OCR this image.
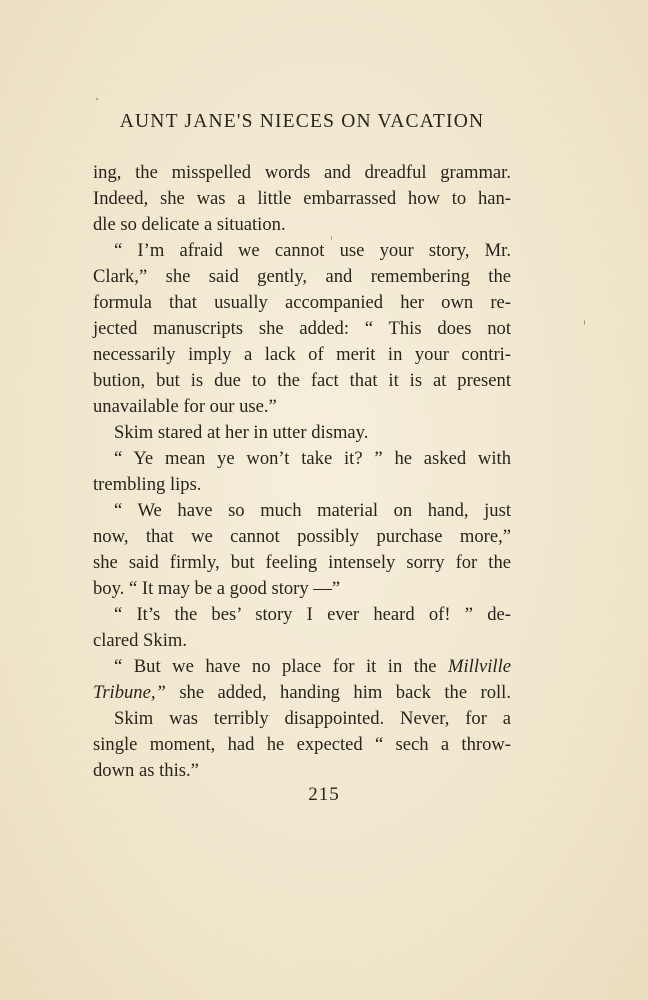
AUNT JANE'S NIECES ON VACATION
ing, the misspelled words and dreadful grammar.
Indeed, she was a little embarrassed how to han-
dle so delicate a situation.
“ I’m afraid we cannot use your story, Mr.
Clark,” she said gently, and remembering the
formula that usually accompanied her own re-
jected manuscripts she added: “ This does not
necessarily imply a lack of merit in your contri-
bution, but is due to the fact that it is at present
unavailable for our use.”
Skim stared at her in utter dismay.
“ Ye mean ye won’t take it? ” he asked with
trembling lips.
“ We have so much material on hand, just
now, that we cannot possibly purchase more,”
she said firmly, but feeling intensely sorry for the
boy. “ It may be a good story —”
“ It’s the bes’ story I ever heard of! ” de-
clared Skim.
“ But we have no place for it in the Millville
Tribune,” she added, handing him back the roll.
Skim was terribly disappointed. Never, for a
single moment, had he expected “ sech a throw-
down as this.”
215
